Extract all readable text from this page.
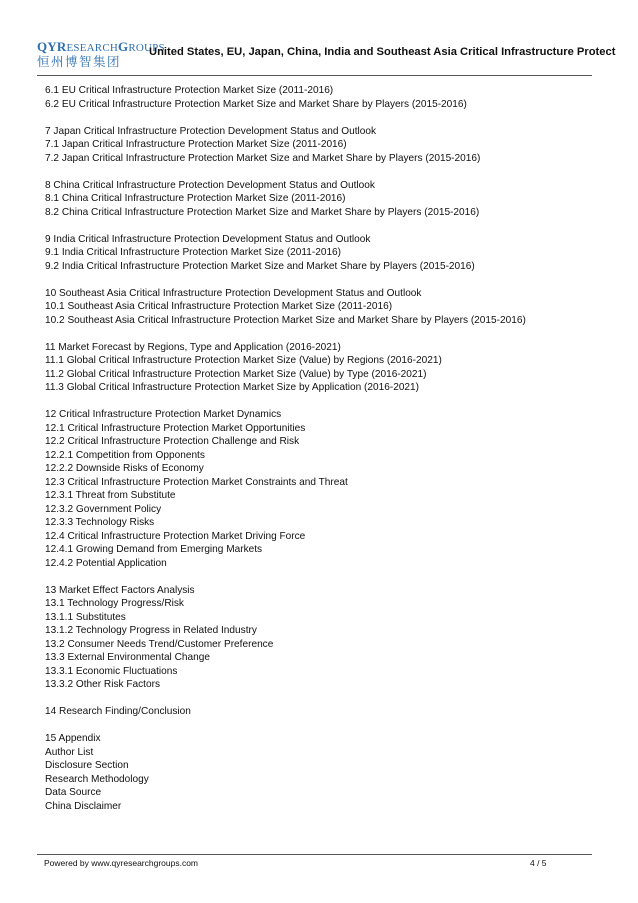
QYRESEARCHGROUPS
恒州博智集团
United States, EU, Japan, China, India and Southeast Asia Critical Infrastructure Protect
6.1 EU Critical Infrastructure Protection Market Size (2011-2016)
6.2 EU Critical Infrastructure Protection Market Size and Market Share by Players (2015-2016)
7 Japan Critical Infrastructure Protection Development Status and Outlook
7.1 Japan Critical Infrastructure Protection Market Size (2011-2016)
7.2 Japan Critical Infrastructure Protection Market Size and Market Share by Players (2015-2016)
8 China Critical Infrastructure Protection Development Status and Outlook
8.1 China Critical Infrastructure Protection Market Size (2011-2016)
8.2 China Critical Infrastructure Protection Market Size and Market Share by Players (2015-2016)
9 India Critical Infrastructure Protection Development Status and Outlook
9.1 India Critical Infrastructure Protection Market Size (2011-2016)
9.2 India Critical Infrastructure Protection Market Size and Market Share by Players (2015-2016)
10 Southeast Asia Critical Infrastructure Protection Development Status and Outlook
10.1 Southeast Asia Critical Infrastructure Protection Market Size (2011-2016)
10.2 Southeast Asia Critical Infrastructure Protection Market Size and Market Share by Players (2015-2016)
11 Market Forecast by Regions, Type and Application (2016-2021)
11.1 Global Critical Infrastructure Protection Market Size (Value) by Regions (2016-2021)
11.2 Global Critical Infrastructure Protection Market Size (Value) by Type (2016-2021)
11.3 Global Critical Infrastructure Protection Market Size by Application (2016-2021)
12 Critical Infrastructure Protection Market Dynamics
12.1 Critical Infrastructure Protection Market Opportunities
12.2 Critical Infrastructure Protection Challenge and Risk
12.2.1 Competition from Opponents
12.2.2 Downside Risks of Economy
12.3 Critical Infrastructure Protection Market Constraints and Threat
12.3.1 Threat from Substitute
12.3.2 Government Policy
12.3.3 Technology Risks
12.4 Critical Infrastructure Protection Market Driving Force
12.4.1 Growing Demand from Emerging Markets
12.4.2 Potential Application
13 Market Effect Factors Analysis
13.1 Technology Progress/Risk
13.1.1 Substitutes
13.1.2 Technology Progress in Related Industry
13.2 Consumer Needs Trend/Customer Preference
13.3 External Environmental Change
13.3.1 Economic Fluctuations
13.3.2 Other Risk Factors
14 Research Finding/Conclusion
15 Appendix
Author List
Disclosure Section
Research Methodology
Data Source
China Disclaimer
Powered by www.qyresearchgroups.com	4 / 5
